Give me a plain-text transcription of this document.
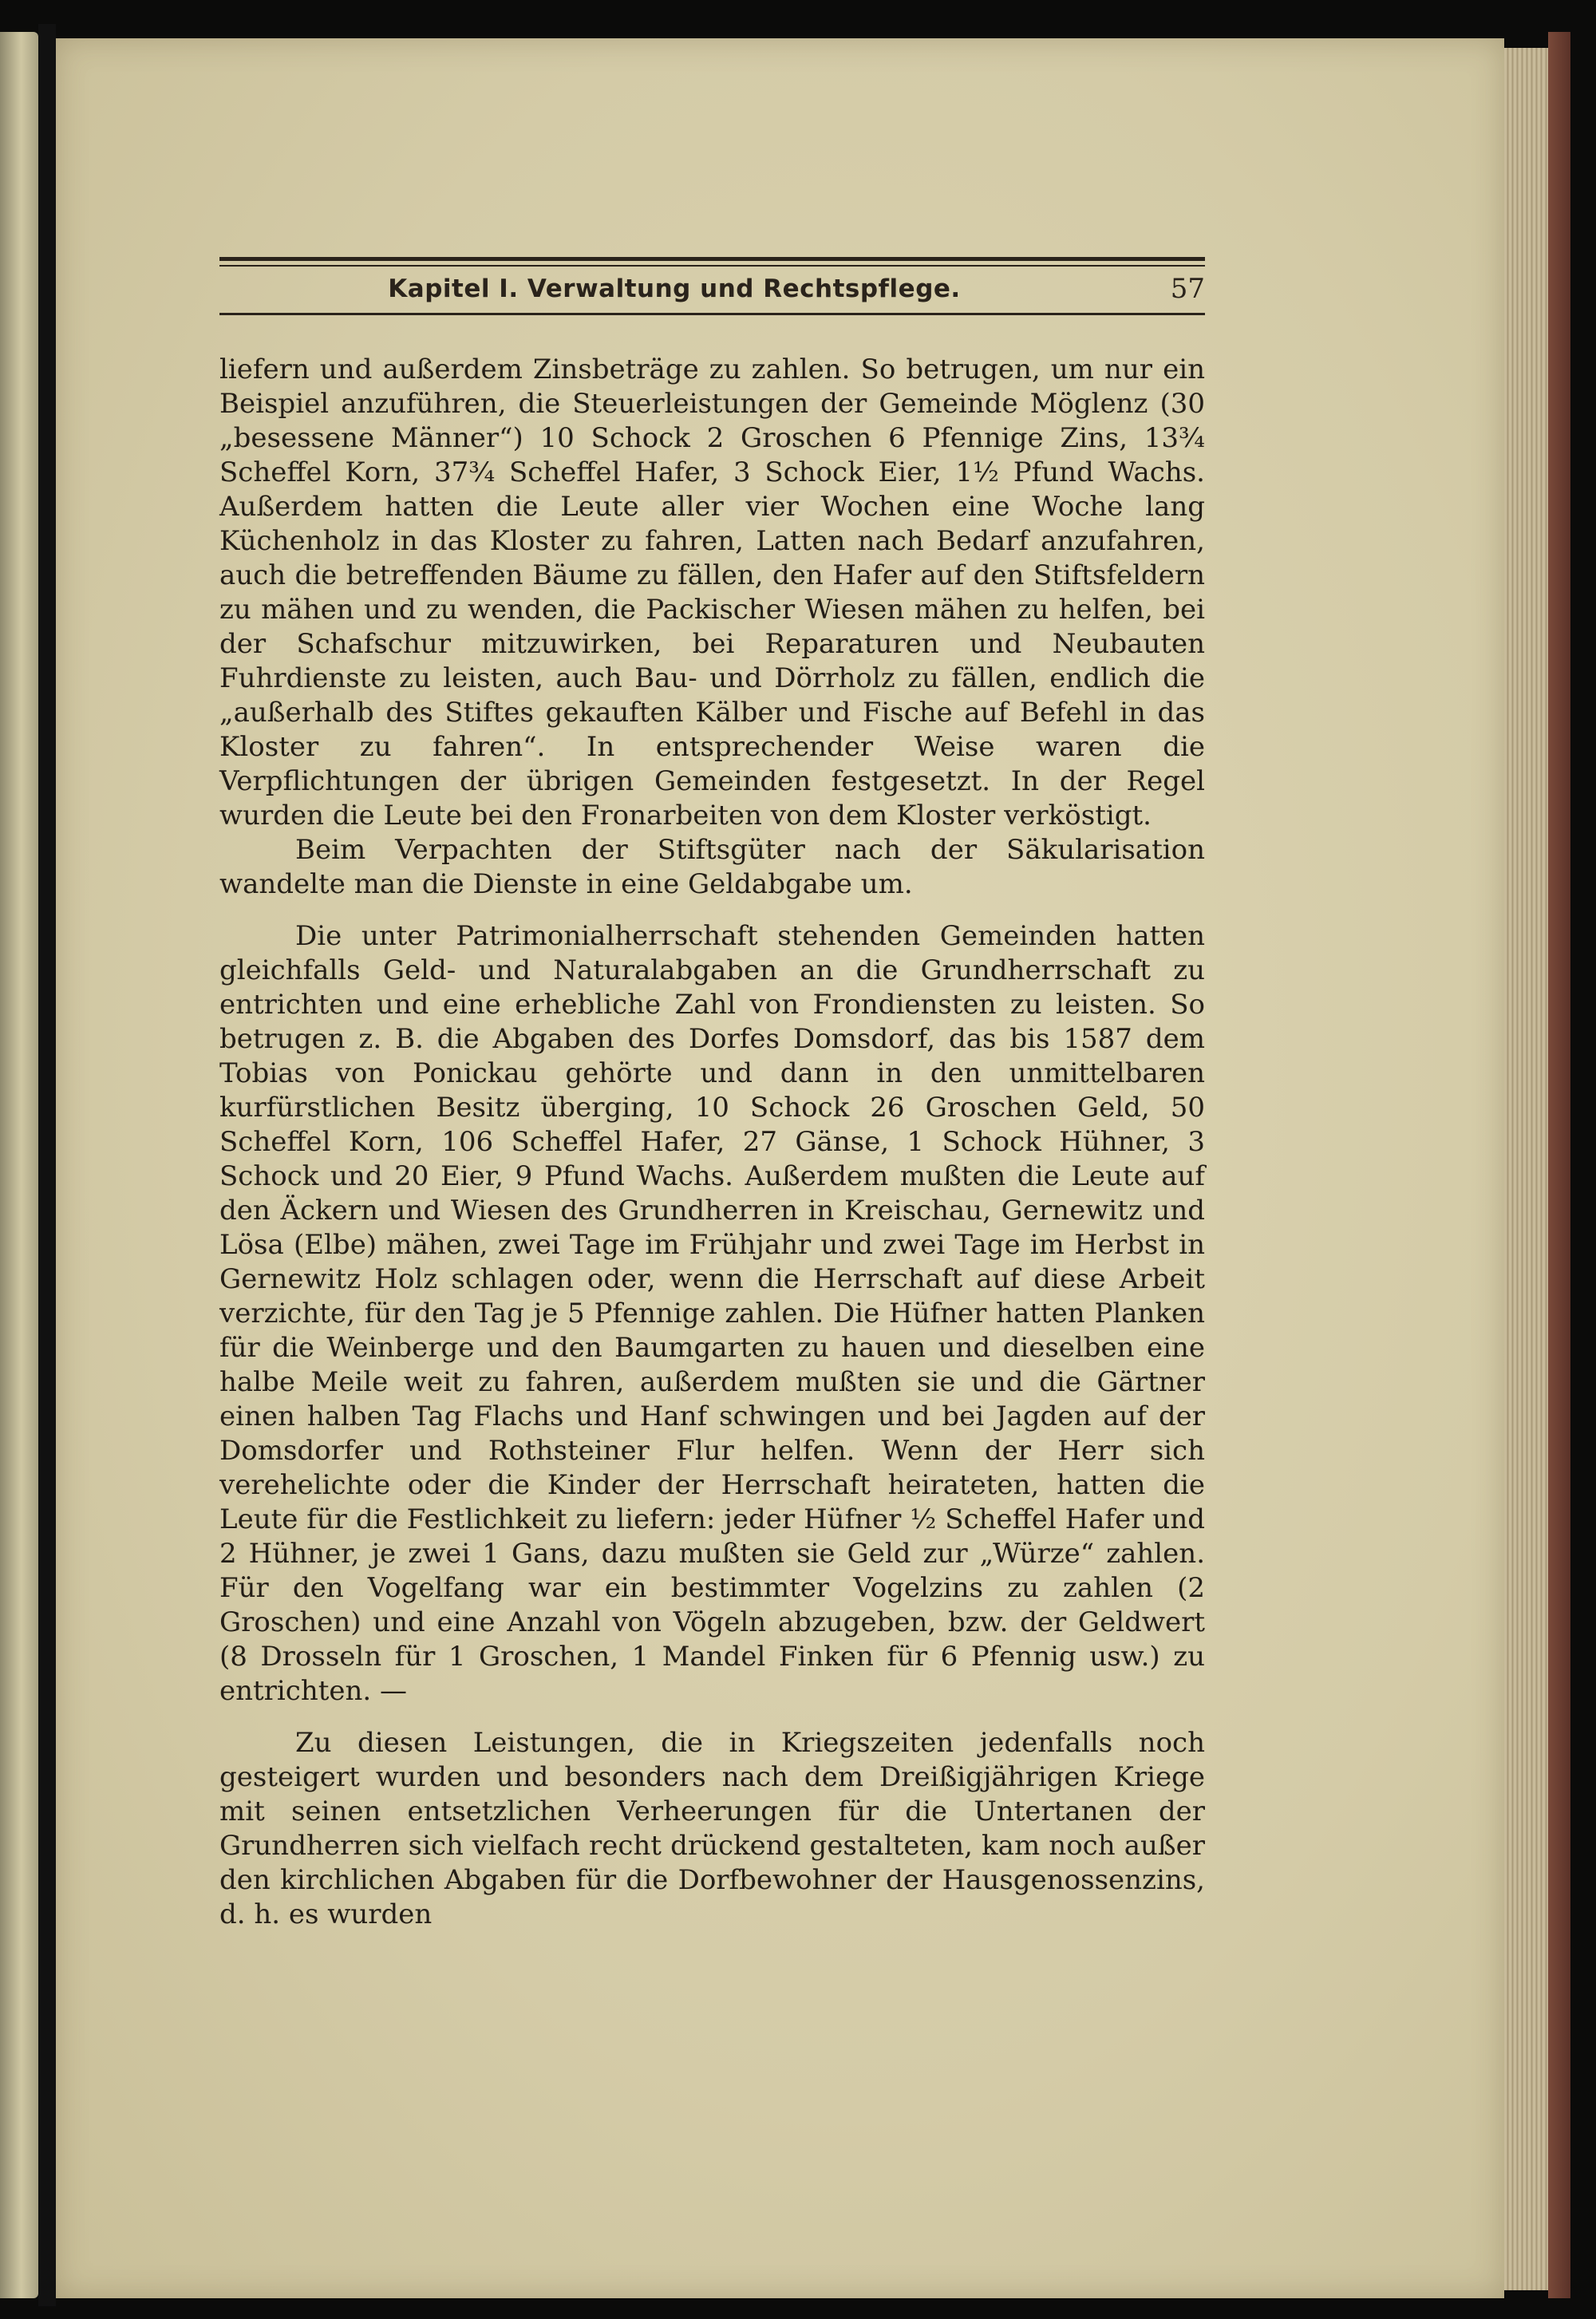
Kapitel I. Verwaltung und Rechtspflege.	57

liefern und außerdem Zinsbeträge zu zahlen. So betrugen, um nur ein Beispiel anzuführen, die Steuerleistungen der Gemeinde Möglenz (30 „besessene Männer“) 10 Schock 2 Groschen 6 Pfennige Zins, 13¾ Scheffel Korn, 37¾ Scheffel Hafer, 3 Schock Eier, 1½ Pfund Wachs. Außerdem hatten die Leute aller vier Wochen eine Woche lang Küchenholz in das Kloster zu fahren, Latten nach Bedarf anzufahren, auch die betreffenden Bäume zu fällen, den Hafer auf den Stiftsfeldern zu mähen und zu wenden, die Packischer Wiesen mähen zu helfen, bei der Schafschur mitzuwirken, bei Reparaturen und Neubauten Fuhrdienste zu leisten, auch Bau- und Dörrholz zu fällen, endlich die „außerhalb des Stiftes gekauften Kälber und Fische auf Befehl in das Kloster zu fahren“. In entsprechender Weise waren die Verpflichtungen der übrigen Gemeinden festgesetzt. In der Regel wurden die Leute bei den Fronarbeiten von dem Kloster verköstigt.

Beim Verpachten der Stiftsgüter nach der Säkularisation wandelte man die Dienste in eine Geldabgabe um.

Die unter Patrimonialherrschaft stehenden Gemeinden hatten gleichfalls Geld- und Naturalabgaben an die Grundherrschaft zu entrichten und eine erhebliche Zahl von Frondiensten zu leisten. So betrugen z. B. die Abgaben des Dorfes Domsdorf, das bis 1587 dem Tobias von Ponickau gehörte und dann in den unmittelbaren kurfürstlichen Besitz überging, 10 Schock 26 Groschen Geld, 50 Scheffel Korn, 106 Scheffel Hafer, 27 Gänse, 1 Schock Hühner, 3 Schock und 20 Eier, 9 Pfund Wachs. Außerdem mußten die Leute auf den Äckern und Wiesen des Grundherren in Kreischau, Gernewitz und Lösa (Elbe) mähen, zwei Tage im Frühjahr und zwei Tage im Herbst in Gernewitz Holz schlagen oder, wenn die Herrschaft auf diese Arbeit verzichte, für den Tag je 5 Pfennige zahlen. Die Hüfner hatten Planken für die Weinberge und den Baumgarten zu hauen und dieselben eine halbe Meile weit zu fahren, außerdem mußten sie und die Gärtner einen halben Tag Flachs und Hanf schwingen und bei Jagden auf der Domsdorfer und Rothsteiner Flur helfen. Wenn der Herr sich verehelichte oder die Kinder der Herrschaft heirateten, hatten die Leute für die Festlichkeit zu liefern: jeder Hüfner ½ Scheffel Hafer und 2 Hühner, je zwei 1 Gans, dazu mußten sie Geld zur „Würze“ zahlen. Für den Vogelfang war ein bestimmter Vogelzins zu zahlen (2 Groschen) und eine Anzahl von Vögeln abzugeben, bzw. der Geldwert (8 Drosseln für 1 Groschen, 1 Mandel Finken für 6 Pfennig usw.) zu entrichten. —

Zu diesen Leistungen, die in Kriegszeiten jedenfalls noch gesteigert wurden und besonders nach dem Dreißigjährigen Kriege mit seinen entsetzlichen Verheerungen für die Untertanen der Grundherren sich vielfach recht drückend gestalteten, kam noch außer den kirchlichen Abgaben für die Dorfbewohner der Hausgenossenzins, d. h. es wurden
